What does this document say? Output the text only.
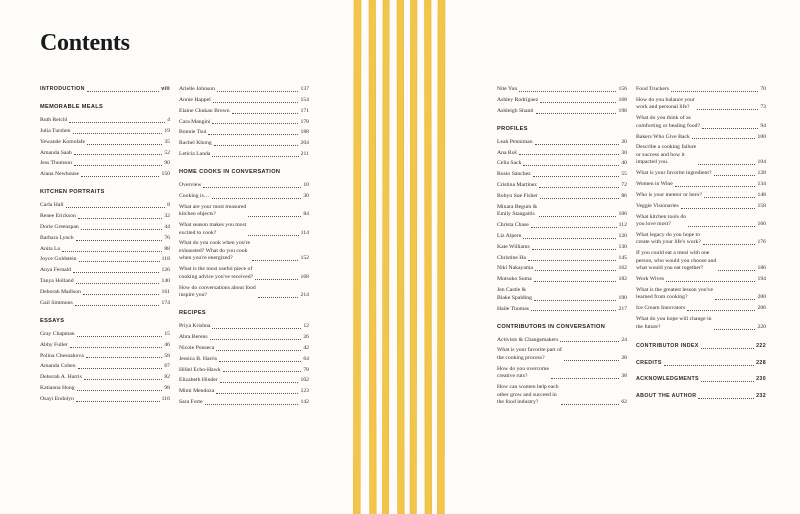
Contents
INTRODUCTION	viii
MEMORABLE MEALS
Ruth Reichl	4
Julia Turshen	19
Yewande Komolafe	35
Amanda Saab	52
Jess Thomson	90
Alana Newhouse	150
KITCHEN PORTRAITS
Carla Hall	8
Renee Erickson	32
Dorie Greenspan	44
Barbara Lynch	76
Anita Lo	88
Joyce Goldstein	118
Anya Fernald	126
Tanya Holland	140
Deborah Madison	161
Gail Simmons	174
ESSAYS
Gray Chapman	15
Abby Fuller	46
Polina Chesnakova	58
Amanda Cohen	67
Deborah A. Harris	82
Katianna Hong	98
Osayi Endolyn	116
Arielle Johnson	137
Annie Happel	154
Elaine Chukan Brown	171
Cara Mangini	178
Bonnie Tsui	188
Rachel Khong	204
Leticia Landa	211
HOME COOKS IN CONVERSATION
Overview	10
Cooking is…	30
What are your most treasured
kitchen objects?	84
What season makes you most
excited to cook?	114
What do you cook when you're
exhausted? What do you cook
when you're energized?	152
What is the most useful piece of
cooking advice you've received?	168
How do conversations about food
inspire you?	214
RECIPES
Priya Krishna	12
Abra Berens	26
Nicole Ponseca	42
Jessica B. Harris	64
Hillel Echo-Hawk	78
Elizabeth Hinder	102
Mimi Mendoza	123
Sara Forte	142
Nite Yun	156
Ashley Rodriguez	168
Ashleigh Shanti	198
PROFILES
Leah Penniman	20
Ana Roš	30
Celia Sack	40
Rosio Sanchez	55
Cristina Martinez	72
Robyn Sue Fisher	86
Minara Begum &
Emily Staugaitis	106
Christa Chase	112
Liz Alpern	120
Kate Williams	130
Christine Ha	145
Niki Nakayama	162
Mutsuko Soma	182
Jen Castle &
Blake Spalding	190
Haile Thomas	217
CONTRIBUTORS IN CONVERSATION
Activists & Changemakers	24
What is your favorite part of
the cooking process?	28
How do you overcome
creative ruts?	38
How can women help each
other grow and succeed in
the food industry?	62
Food Truckers	70
How do you balance your
work and personal life?	73
What do you think of as
comforting or healing food?	94
Bakers Who Give Back	100
Describe a cooking failure
or success and how it
impacted you.	104
What is your favorite ingredient?	128
Women in Wine	134
Who is your mentor or hero?	148
Veggie Visionaries	158
What kitchen tools do
you love most?	166
What legacy do you hope to
create with your life's work?	176
If you could eat a meal with one
person, who would you choose and
what would you eat together?	186
Work Wives	194
What is the greatest lesson you've
learned from cooking?	200
Ice Cream Innovators	206
What do you hope will change in
the future?	220
CONTRIBUTOR INDEX	222
CREDITS	228
ACKNOWLEDGMENTS	230
ABOUT THE AUTHOR	232
